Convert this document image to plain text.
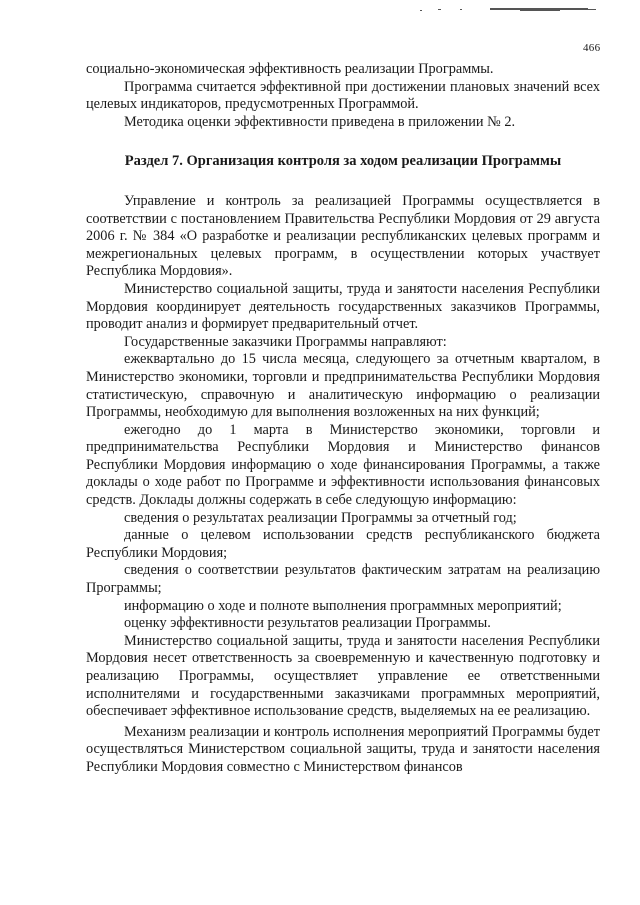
466

социально-экономическая эффективность реализации Программы.

Программа считается эффективной при достижении плановых значений всех целевых индикаторов, предусмотренных Программой.

Методика оценки эффективности приведена в приложении № 2.

Раздел 7. Организация контроля за ходом реализации Программы

Управление и контроль за реализацией Программы осуществляется в соответствии с постановлением Правительства Республики Мордовия от 29 августа 2006 г. № 384 «О разработке и реализации республиканских целевых программ и межрегиональных целевых программ, в осуществлении которых участвует Республика Мордовия».

Министерство социальной защиты, труда и занятости населения Республики Мордовия координирует деятельность государственных заказчиков Программы, проводит анализ и формирует предварительный отчет.

Государственные заказчики Программы направляют:

ежеквартально до 15 числа месяца, следующего за отчетным кварталом, в Министерство экономики, торговли и предпринимательства Республики Мордовия статистическую, справочную и аналитическую информацию о реализации Программы, необходимую для выполнения возложенных на них функций;

ежегодно до 1 марта в Министерство экономики, торговли и предпринимательства Республики Мордовия и Министерство финансов Республики Мордовия информацию о ходе финансирования Программы, а также доклады о ходе работ по Программе и эффективности использования финансовых средств. Доклады должны содержать в себе следующую информацию:

сведения о результатах реализации Программы за отчетный год;

данные о целевом использовании средств республиканского бюджета Республики Мордовия;

сведения о соответствии результатов фактическим затратам на реализацию Программы;

информацию о ходе и полноте выполнения программных мероприятий;

оценку эффективности результатов реализации Программы.

Министерство социальной защиты, труда и занятости населения Республики Мордовия несет ответственность за своевременную и качественную подготовку и реализацию Программы, осуществляет управление ее ответственными исполнителями и государственными заказчиками программных мероприятий, обеспечивает эффективное использование средств, выделяемых на ее реализацию.

Механизм реализации и контроль исполнения мероприятий Программы будет осуществляться Министерством социальной защиты, труда и занятости населения Республики Мордовия совместно с Министерством финансов
